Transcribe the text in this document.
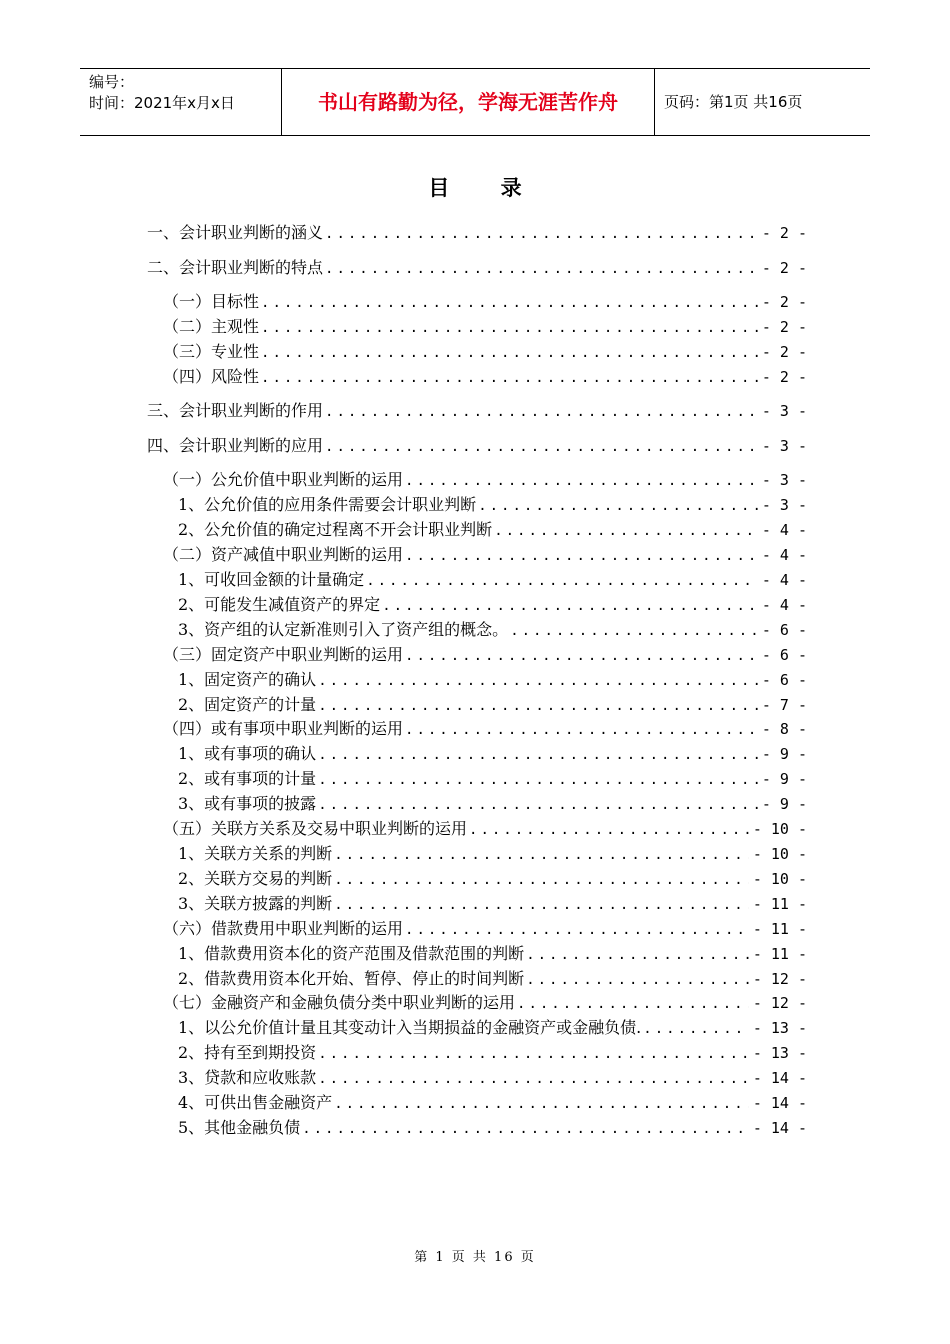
编号：
时间：2021年x月x日	书山有路勤为径，学海无涯苦作舟	页码：第1页 共16页
目 录
一、会计职业判断的涵义 .....	- 2 -
二、会计职业判断的特点 .....	- 2 -
（一）目标性 .....	- 2 -
（二）主观性 .....	- 2 -
（三）专业性 .....	- 2 -
（四）风险性 .....	- 2 -
三、会计职业判断的作用 .....	- 3 -
四、会计职业判断的应用 .....	- 3 -
（一）公允价值中职业判断的运用 .....	- 3 -
1、公允价值的应用条件需要会计职业判断 .....	- 3 -
2、公允价值的确定过程离不开会计职业判断 .....	- 4 -
（二）资产减值中职业判断的运用 .....	- 4 -
1、可收回金额的计量确定 .....	- 4 -
2、可能发生减值资产的界定 .....	- 4 -
3、资产组的认定新准则引入了资产组的概念。 .....	- 6 -
（三）固定资产中职业判断的运用 .....	- 6 -
1、固定资产的确认 .....	- 6 -
2、固定资产的计量 .....	- 7 -
（四）或有事项中职业判断的运用 .....	- 8 -
1、或有事项的确认 .....	- 9 -
2、或有事项的计量 .....	- 9 -
3、或有事项的披露 .....	- 9 -
（五）关联方关系及交易中职业判断的运用 .....	- 10 -
1、关联方关系的判断 .....	- 10 -
2、关联方交易的判断 .....	- 10 -
3、关联方披露的判断 .....	- 11 -
（六）借款费用中职业判断的运用 .....	- 11 -
1、借款费用资本化的资产范围及借款范围的判断 .....	- 11 -
2、借款费用资本化开始、暂停、停止的时间判断 .....	- 12 -
（七）金融资产和金融负债分类中职业判断的运用 .....	- 12 -
1、以公允价值计量且其变动计入当期损益的金融资产或金融负债. .....	- 13 -
2、持有至到期投资 .....	- 13 -
3、贷款和应收账款 .....	- 14 -
4、可供出售金融资产 .....	- 14 -
5、其他金融负债 .....	- 14 -
第 1 页 共 16 页
